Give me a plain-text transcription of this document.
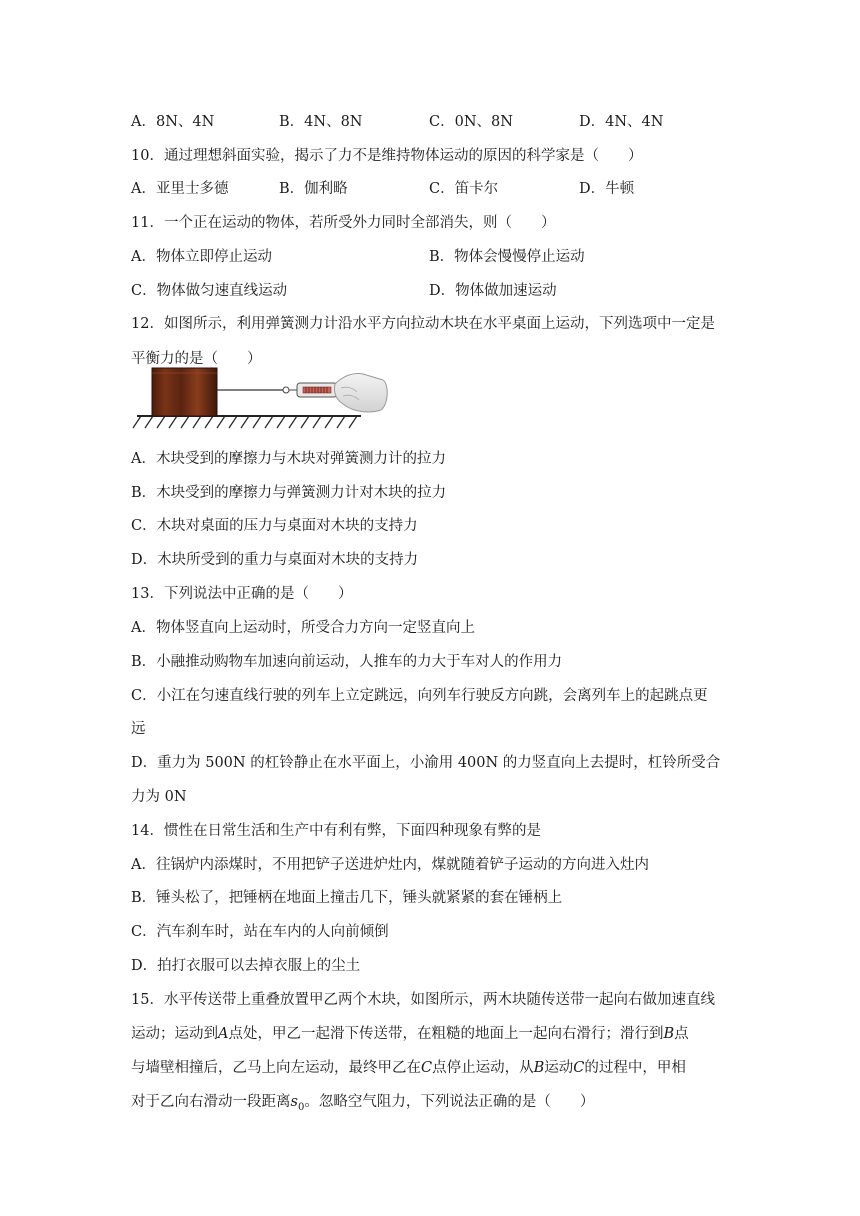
A．8N、4N	B．4N、8N	C．0N、8N	D．4N、4N
10．通过理想斜面实验，揭示了力不是维持物体运动的原因的科学家是（　　）
A．亚里士多德	B．伽利略	C．笛卡尔	D．牛顿
11．一个正在运动的物体，若所受外力同时全部消失，则（　　）
A．物体立即停止运动	B．物体会慢慢停止运动
C．物体做匀速直线运动	D．物体做加速运动
12．如图所示，利用弹簧测力计沿水平方向拉动木块在水平桌面上运动，下列选项中一定是
平衡力的是（　　）
A．木块受到的摩擦力与木块对弹簧测力计的拉力
B．木块受到的摩擦力与弹簧测力计对木块的拉力
C．木块对桌面的压力与桌面对木块的支持力
D．木块所受到的重力与桌面对木块的支持力
13．下列说法中正确的是（　　）
A．物体竖直向上运动时，所受合力方向一定竖直向上
B．小融推动购物车加速向前运动，人推车的力大于车对人的作用力
C．小江在匀速直线行驶的列车上立定跳远，向列车行驶反方向跳，会离列车上的起跳点更
远
D．重力为 500N 的杠铃静止在水平面上，小渝用 400N 的力竖直向上去提时，杠铃所受合
力为 0N
14．惯性在日常生活和生产中有利有弊，下面四种现象有弊的是
A．往锅炉内添煤时，不用把铲子送进炉灶内，煤就随着铲子运动的方向进入灶内
B．锤头松了，把锤柄在地面上撞击几下，锤头就紧紧的套在锤柄上
C．汽车刹车时，站在车内的人向前倾倒
D．拍打衣服可以去掉衣服上的尘土
15．水平传送带上重叠放置甲乙两个木块，如图所示，两木块随传送带一起向右做加速直线
运动；运动到A点处，甲乙一起滑下传送带，在粗糙的地面上一起向右滑行；滑行到B点
与墙壁相撞后，乙马上向左运动，最终甲乙在C点停止运动，从B运动C的过程中，甲相
对于乙向右滑动一段距离$s_0$。忽略空气阻力，下列说法正确的是（　　）
